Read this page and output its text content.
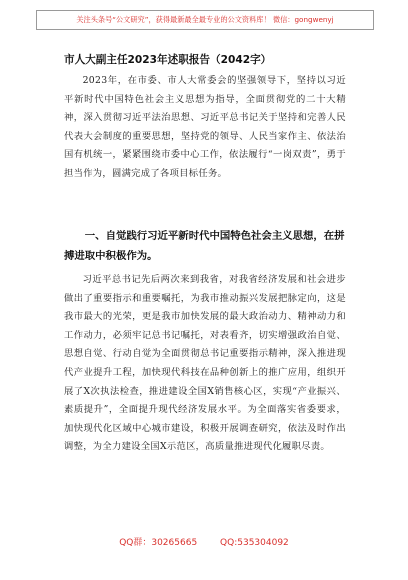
关注头条号“公文研究”，获得最新最全最专业的公文资料库！ 微信：gongwenyj
市人大副主任2023年述职报告（2042字）
2023年，在市委、市人大常委会的坚强领导下，坚持以习近平新时代中国特色社会主义思想为指导，全面贯彻党的二十大精神，深入贯彻习近平法治思想、习近平总书记关于坚持和完善人民代表大会制度的重要思想，坚持党的领导、人民当家作主、依法治国有机统一，紧紧围绕市委中心工作，依法履行“一岗双责”，勇于担当作为，圆满完成了各项目标任务。
一、自觉践行习近平新时代中国特色社会主义思想，在拼搏进取中积极作为。
习近平总书记先后两次来到我省，对我省经济发展和社会进步做出了重要指示和重要嘱托，为我市推动振兴发展把脉定向，这是我市最大的光荣，更是我市加快发展的最大政治动力、精神动力和工作动力，必须牢记总书记嘱托，对表看齐，切实增强政治自觉、思想自觉、行动自觉为全面贯彻总书记重要指示精神，深入推进现代产业提升工程，加快现代科技在品种创新上的推广应用，组织开展了X次执法检查，推进建设全国X销售核心区，实现“产业振兴、素质提升”，全面提升现代经济发展水平。为全面落实省委要求，加快现代化区域中心城市建设，积极开展调查研究，依法及时作出调整，为全力建设全国X示范区，高质量推进现代化履职尽责。
QQ群：30265665	QQ:535304092
